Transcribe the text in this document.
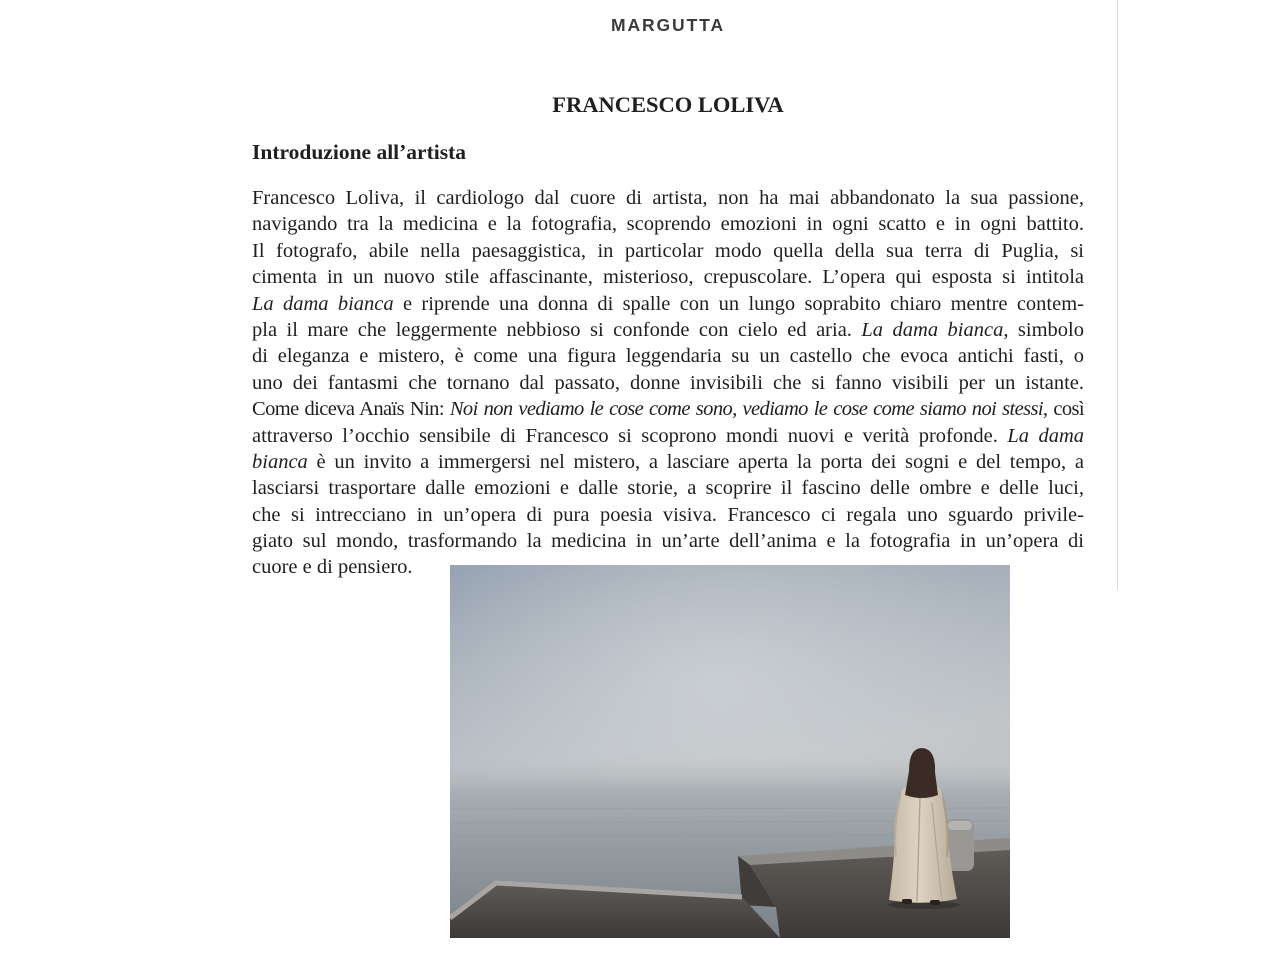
MARGUTTA
FRANCESCO LOLIVA
Introduzione all’artista
Francesco Loliva, il cardiologo dal cuore di artista, non ha mai abbandonato la sua passione,
navigando tra la medicina e la fotografia, scoprendo emozioni in ogni scatto e in ogni battito.
Il fotografo, abile nella paesaggistica, in particolar modo quella della sua terra di Puglia, si
cimenta in un nuovo stile affascinante, misterioso, crepuscolare. L’opera qui esposta si intitola
La dama bianca e riprende una donna di spalle con un lungo soprabito chiaro mentre contem-
pla il mare che leggermente nebbioso si confonde con cielo ed aria. La dama bianca, simbolo
di eleganza e mistero, è come una figura leggendaria su un castello che evoca antichi fasti, o
uno dei fantasmi che tornano dal passato, donne invisibili che si fanno visibili per un istante.
Come diceva Anaïs Nin: Noi non vediamo le cose come sono, vediamo le cose come siamo noi stessi, così
attraverso l’occhio sensibile di Francesco si scoprono mondi nuovi e verità profonde. La dama
bianca è un invito a immergersi nel mistero, a lasciare aperta la porta dei sogni e del tempo, a
lasciarsi trasportare dalle emozioni e dalle storie, a scoprire il fascino delle ombre e delle luci,
che si intrecciano in un’opera di pura poesia visiva. Francesco ci regala uno sguardo privile-
giato sul mondo, trasformando la medicina in un’arte dell’anima e la fotografia in un’opera di
cuore e di pensiero.
